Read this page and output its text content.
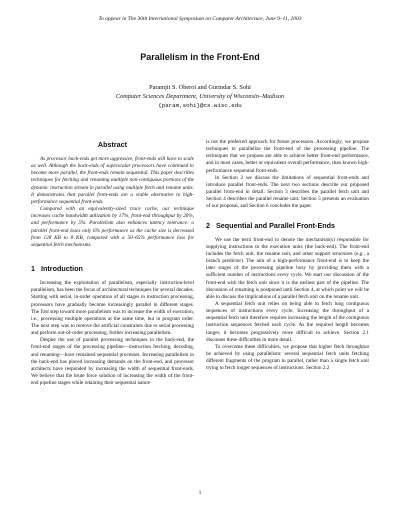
To appear in The 30th International Symposium on Computer Architecture, June 9–11, 2003
Parallelism in the Front-End
Paramjit S. Oberoi and Gurindar S. Sohi
Computer Sciences Department, University of Wisconsin–Madison
{param,sohi}@cs.wisc.edu
Abstract

As processor back-ends get more aggressive, front-ends will have to scale as well. Although the back-ends of superscalar processors have continued to become more parallel, the front-ends remain sequential. This paper describes techniques for fetching and renaming multiple non-contiguous portions of the dynamic instruction stream in parallel using multiple fetch and rename units. It demonstrates that parallel front-ends are a viable alternative to high-performance sequential front-ends.

Compared with an equivalently-sized trace cache, our technique increases cache bandwidth utilization by 17%, front-end throughput by 20%, and performance by 5%. Parallelism also enhances latency tolerance: a parallel front-end loses only 6% performance as the cache size is decreased from 128 KB to 8 KB, compared with a 50–65% performance loss for sequential fetch mechanisms.

1 Introduction

Increasing the exploitation of parallelism, especially instruction-level parallelism, has been the focus of architectural techniques for several decades. Starting with serial, in-order operation of all stages in instruction processing, processors have gradually become increasingly parallel in different stages. The first step toward more parallelism was to increase the width of execution, i.e., processing multiple operations at the same time, but in program order. The next step was to remove the artificial constraints due to serial processing and perform out-of-order processing, further increasing parallelism.

Despite the use of parallel processing techniques in the back-end, the front-end stages of the processing pipeline—instruction fetching, decoding, and renaming—have remained sequential processes. Increasing parallelism in the back-end has placed increasing demands on the front-end, and processor architects have responded by increasing the width of sequential front-ends. We believe that the brute force solution of increasing the width of the front-end pipeline stages while retaining their sequential nature

is not the preferred approach for future processors. Accordingly, we propose techniques to parallelize the front-end of the processing pipeline. The techniques that we propose are able to achieve better front-end performance, and in most cases, better or equivalent overall performance, than known high-performance sequential front-ends.

In Section 2 we discuss the limitations of sequential front-ends and introduce parallel front-ends. The next two sections describe our proposed parallel front-end in detail: Section 3 describes the parallel fetch unit and Section 4 describes the parallel rename unit. Section 5 presents an evaluation of our proposal, and Section 6 concludes the paper.

2 Sequential and Parallel Front-Ends

We use the term front-end to denote the mechanism(s) responsible for supplying instructions to the execution units (the back-end). The front-end includes the fetch unit, the rename unit, and other support structures (e.g., a branch predictor). The aim of a high-performance front-end is to keep the later stages of the processing pipeline busy by providing them with a sufficient number of instructions every cycle. We start our discussion of the front-end with the fetch unit since it is the earliest part of the pipeline. The discussion of renaming is postponed until Section 4, at which point we will be able to discuss the implications of a parallel fetch unit on the rename unit.

A sequential fetch unit relies on being able to fetch long contiguous sequences of instructions every cycle. Increasing the throughput of a sequential fetch unit therefore requires increasing the length of the contiguous instruction sequences fetched each cycle. As the required length becomes longer, it becomes progressively more difficult to achieve. Section 2.1 discusses these difficulties in more detail.

To overcome these difficulties, we propose that higher fetch throughput be achieved by using parallelism: several sequential fetch units fetching different fragments of the program in parallel, rather than a single fetch unit trying to fetch longer sequences of instructions. Section 2.2

1
